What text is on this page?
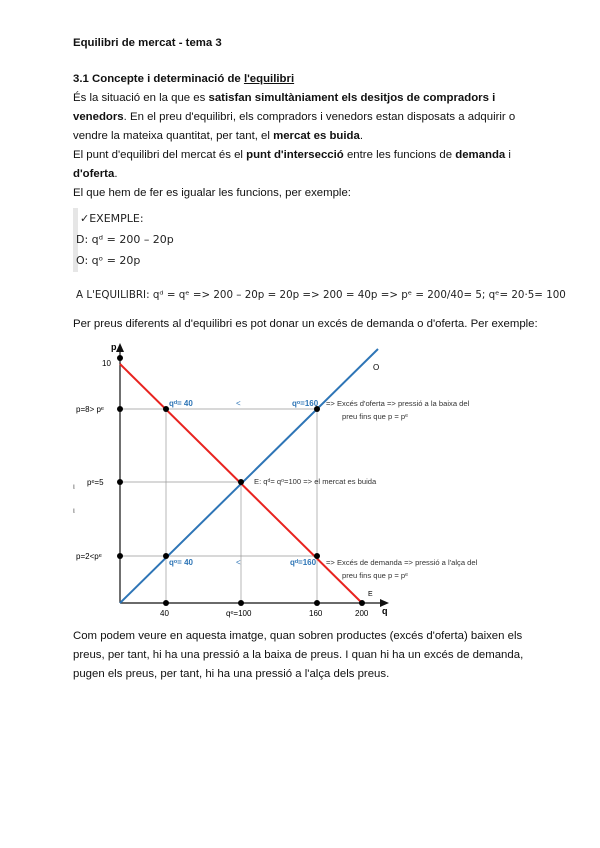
Equilibri de mercat - tema 3
3.1 Concepte i determinació de l'equilibri
És la situació en la que es satisfan simultàniament els desitjos de compradors i
venedors. En el preu d'equilibri, els compradors i venedors estan disposats a adquirir o
vendre la mateixa quantitat, per tant, el mercat es buida.
El punt d'equilibri del mercat és el punt d'intersecció entre les funcions de demanda i
d'oferta.
El que hem de fer es igualar les funcions, per exemple:
✓EXEMPLE:
D: qᵈ = 200 – 20p
O: qᵒ = 20p
A L'EQUILIBRI: qᵈ = qᵉ => 200 – 20p = 20p => 200 = 40p => pᵉ = 200/40= 5; qᵉ= 20·5= 100
Per preus diferents al d'equilibri es pot donar un excés de demanda o d'oferta. Per exemple:
p
q
10
p=8> pᵉ
pᵉ=5
p=2<pᵉ
40	qᵉ=100	160	200
qᵈ= 40	<	qᵒ=160 => Excés d'oferta => pressió a la baixa del
preu fins que p = pᵉ
E: qᵈ= qᵒ=100 => el mercat es buida
qᵒ= 40	<	qᵈ=160 => Excés de demanda => pressió a l'alça del
preu fins que p = pᵉ
O
E
ι
ι
Com podem veure en aquesta imatge, quan sobren productes (excés d'oferta) baixen els
preus, per tant, hi ha una pressió a la baixa de preus. I quan hi ha un excés de demanda,
pugen els preus, per tant, hi ha una pressió a l'alça dels preus.
